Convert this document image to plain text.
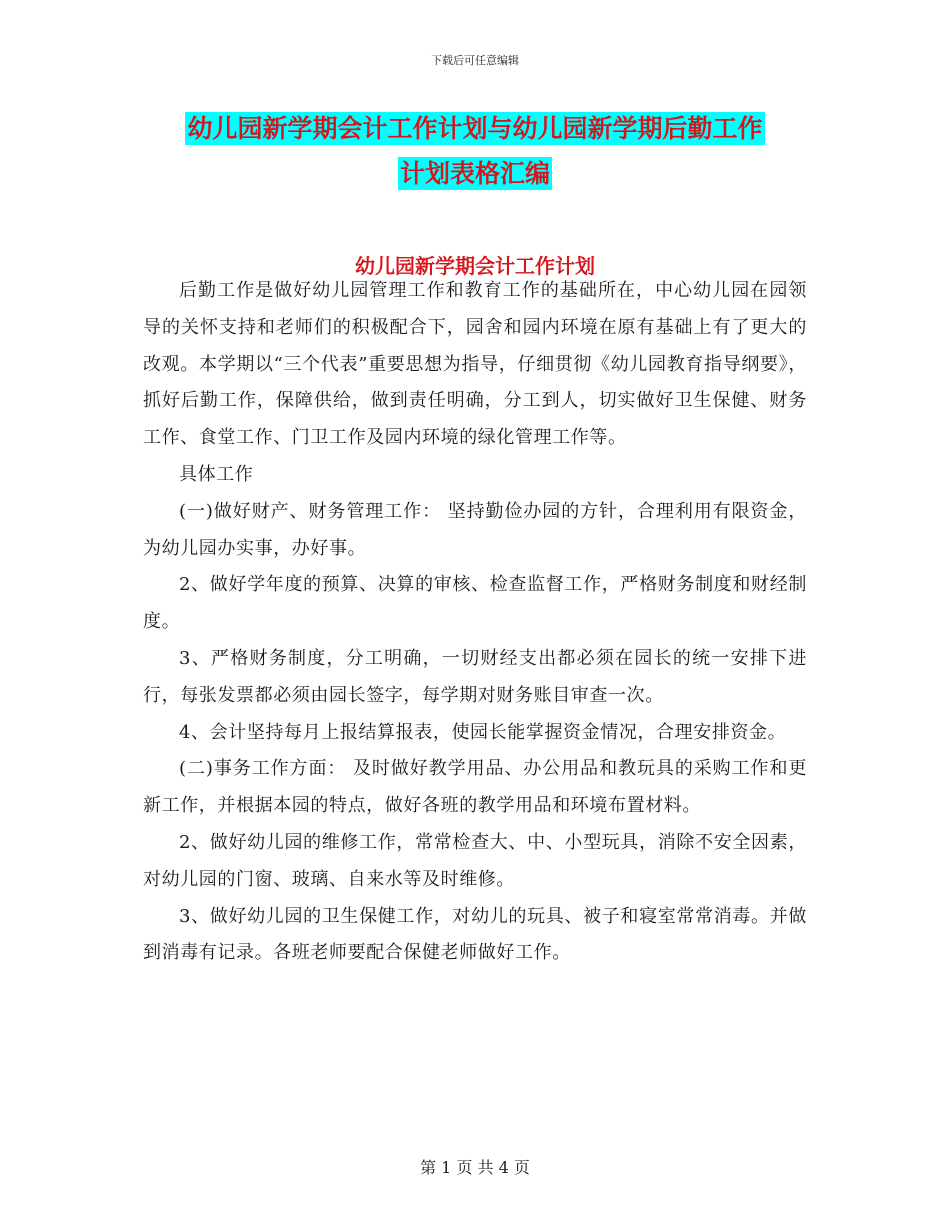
下载后可任意编辑
幼儿园新学期会计工作计划与幼儿园新学期后勤工作
计划表格汇编
幼儿园新学期会计工作计划

后勤工作是做好幼儿园管理工作和教育工作的基础所在，中心幼儿园在园领导的关怀支持和老师们的积极配合下，园舍和园内环境在原有基础上有了更大的改观。本学期以“三个代表”重要思想为指导，仔细贯彻《幼儿园教育指导纲要》，抓好后勤工作，保障供给，做到责任明确，分工到人，切实做好卫生保健、财务工作、食堂工作、门卫工作及园内环境的绿化管理工作等。

具体工作

(一)做好财产、财务管理工作： 坚持勤俭办园的方针，合理利用有限资金，为幼儿园办实事，办好事。

2、做好学年度的预算、决算的审核、检查监督工作，严格财务制度和财经制度。

3、严格财务制度，分工明确，一切财经支出都必须在园长的统一安排下进行，每张发票都必须由园长签字，每学期对财务账目审查一次。

4、会计坚持每月上报结算报表，使园长能掌握资金情况，合理安排资金。

(二)事务工作方面： 及时做好教学用品、办公用品和教玩具的采购工作和更新工作，并根据本园的特点，做好各班的教学用品和环境布置材料。

2、做好幼儿园的维修工作，常常检查大、中、小型玩具，消除不安全因素，对幼儿园的门窗、玻璃、自来水等及时维修。

3、做好幼儿园的卫生保健工作，对幼儿的玩具、被子和寝室常常消毒。并做到消毒有记录。各班老师要配合保健老师做好工作。

第 1 页 共 4 页
